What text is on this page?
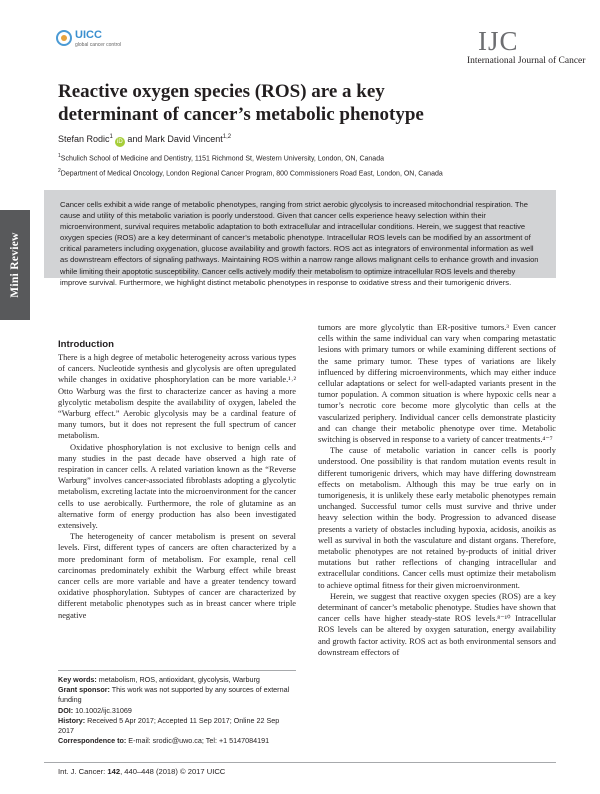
UICC
global cancer control	IJC
International Journal of Cancer
Reactive oxygen species (ROS) are a key determinant of cancer’s metabolic phenotype
Stefan Rodic$^1$iD and Mark David Vincent$^{1,2}$
$^1$Schulich School of Medicine and Dentistry, 1151 Richmond St, Western University, London, ON, Canada
$^2$Department of Medical Oncology, London Regional Cancer Program, 800 Commissioners Road East, London, ON, Canada
Mini Review

Cancer cells exhibit a wide range of metabolic phenotypes, ranging from strict aerobic glycolysis to increased mitochondrial respiration. The cause and utility of this metabolic variation is poorly understood. Given that cancer cells experience heavy selection within their microenvironment, survival requires metabolic adaptation to both extracellular and intracellular conditions. Herein, we suggest that reactive oxygen species (ROS) are a key determinant of cancer’s metabolic phenotype. Intracellular ROS levels can be modified by an assortment of critical parameters including oxygenation, glucose availability and growth factors. ROS act as integrators of environmental information as well as downstream effectors of signaling pathways. Maintaining ROS within a narrow range allows malignant cells to enhance growth and invasion while limiting their apoptotic susceptibility. Cancer cells actively modify their metabolism to optimize intracellular ROS levels and thereby improve survival. Furthermore, we highlight distinct metabolic phenotypes in response to oxidative stress and their tumorigenic drivers.

Introduction

There is a high degree of metabolic heterogeneity across various types of cancers. Nucleotide synthesis and glycolysis are often upregulated while changes in oxidative phosphorylation can be more variable.¹˒² Otto Warburg was the first to characterize cancer as having a more glycolytic metabolism despite the availability of oxygen, labeled the “Warburg effect.” Aerobic glycolysis may be a cardinal feature of many tumors, but it does not represent the full spectrum of cancer metabolism.

Oxidative phosphorylation is not exclusive to benign cells and many studies in the past decade have observed a high rate of respiration in cancer cells. A related variation known as the “Reverse Warburg” involves cancer-associated fibroblasts adopting a glycolytic metabolism, excreting lactate into the microenvironment for the cancer cells to use aerobically. Furthermore, the role of glutamine as an alternative form of energy production has also been investigated extensively.

The heterogeneity of cancer metabolism is present on several levels. First, different types of cancers are often characterized by a more predominant form of metabolism. For example, renal cell carcinomas predominately exhibit the Warburg effect while breast cancer cells are more variable and have a greater tendency toward oxidative phosphorylation. Subtypes of cancer are characterized by different metabolic phenotypes such as in breast cancer where triple negative

Key words: metabolism, ROS, antioxidant, glycolysis, Warburg
Grant sponsor: This work was not supported by any sources of external funding
DOI: 10.1002/ijc.31069
History: Received 5 Apr 2017; Accepted 11 Sep 2017; Online 22 Sep 2017
Correspondence to: E-mail: srodic@uwo.ca; Tel: +1 5147084191

tumors are more glycolytic than ER-positive tumors.³ Even cancer cells within the same individual can vary when comparing metastatic lesions with primary tumors or while examining different sections of the same primary tumor. These types of variations are likely influenced by differing microenvironments, which may either induce cellular adaptations or select for well-adapted variants present in the tumor population. A common situation is where hypoxic cells near a tumor’s necrotic core become more glycolytic than cells at the vascularized periphery. Individual cancer cells demonstrate plasticity and can change their metabolic phenotype over time. Metabolic switching is observed in response to a variety of cancer treatments.⁴⁻⁷

The cause of metabolic variation in cancer cells is poorly understood. One possibility is that random mutation events result in different tumorigenic drivers, which may have differing downstream effects on metabolism. Although this may be true early on in tumorigenesis, it is unlikely these early metabolic phenotypes remain unchanged. Successful tumor cells must survive and thrive under heavy selection within the body. Progression to advanced disease presents a variety of obstacles including hypoxia, acidosis, anoikis as well as survival in both the vasculature and distant organs. Therefore, metabolic phenotypes are not retained by-products of initial driver mutations but rather reflections of changing intracellular and extracellular conditions. Cancer cells must optimize their metabolism to achieve optimal fitness for their given microenvironment.

Herein, we suggest that reactive oxygen species (ROS) are a key determinant of cancer’s metabolic phenotype. Studies have shown that cancer cells have higher steady-state ROS levels.⁸⁻¹⁰ Intracellular ROS levels can be altered by oxygen saturation, energy availability and growth factor activity. ROS act as both environmental sensors and downstream effectors of

Int. J. Cancer: 142, 440–448 (2018) © 2017 UICC
